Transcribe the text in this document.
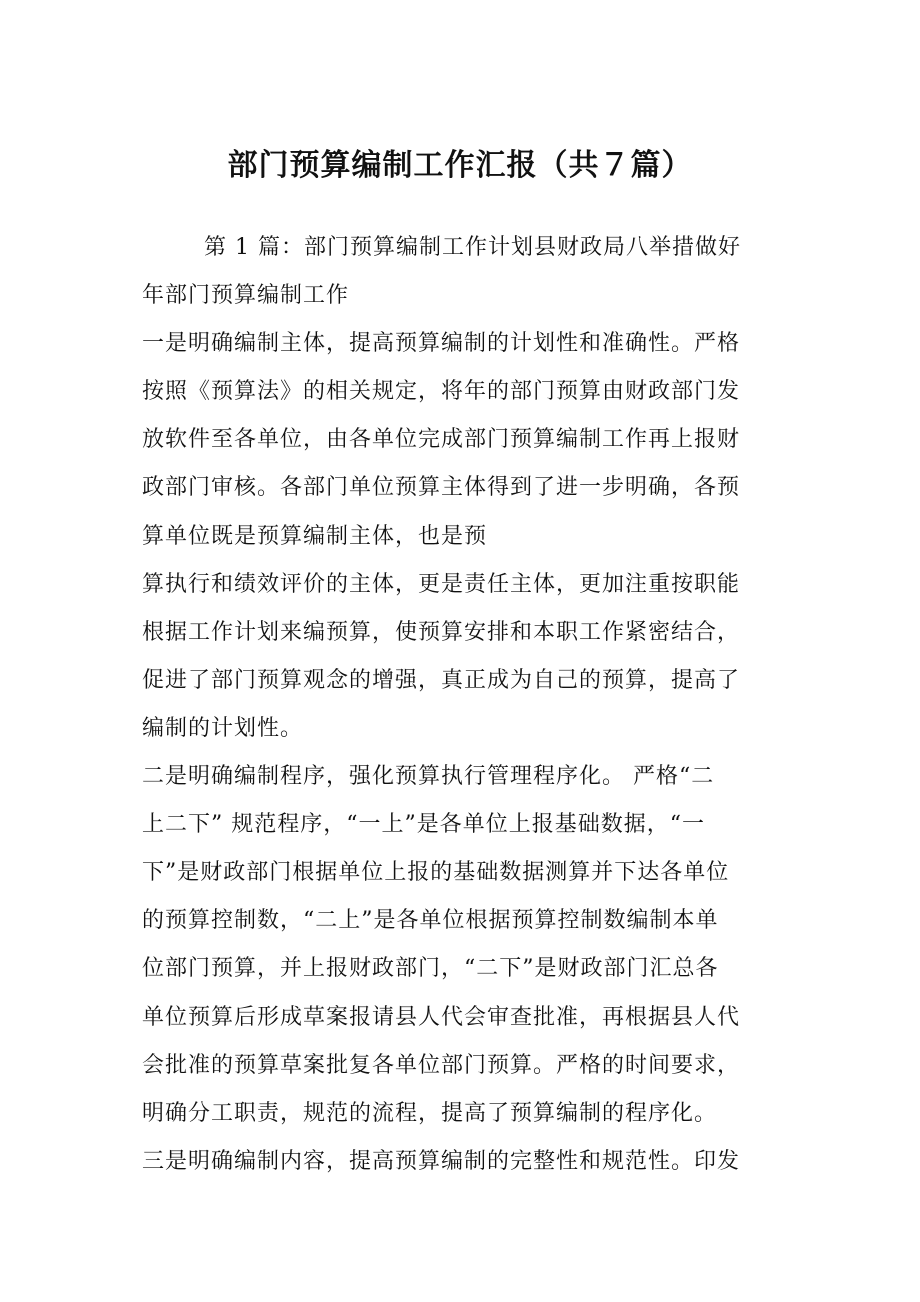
部门预算编制工作汇报（共７篇）
第 1 篇：部门预算编制工作计划县财政局八举措做好
年部门预算编制工作
一是明确编制主体，提高预算编制的计划性和准确性。严格
按照《预算法》的相关规定，将年的部门预算由财政部门发
放软件至各单位，由各单位完成部门预算编制工作再上报财
政部门审核。各部门单位预算主体得到了进一步明确，各预
算单位既是预算编制主体，也是预
算执行和绩效评价的主体，更是责任主体，更加注重按职能
根据工作计划来编预算，使预算安排和本职工作紧密结合，
促进了部门预算观念的增强，真正成为自己的预算，提高了
编制的计划性。
二是明确编制程序，强化预算执行管理程序化。 严格“二
上二下” 规范程序，“一上”是各单位上报基础数据，“一
下”是财政部门根据单位上报的基础数据测算并下达各单位
的预算控制数，“二上”是各单位根据预算控制数编制本单
位部门预算，并上报财政部门，“二下”是财政部门汇总各
单位预算后形成草案报请县人代会审查批准，再根据县人代
会批准的预算草案批复各单位部门预算。严格的时间要求，
明确分工职责，规范的流程，提高了预算编制的程序化。
三是明确编制内容，提高预算编制的完整性和规范性。印发
